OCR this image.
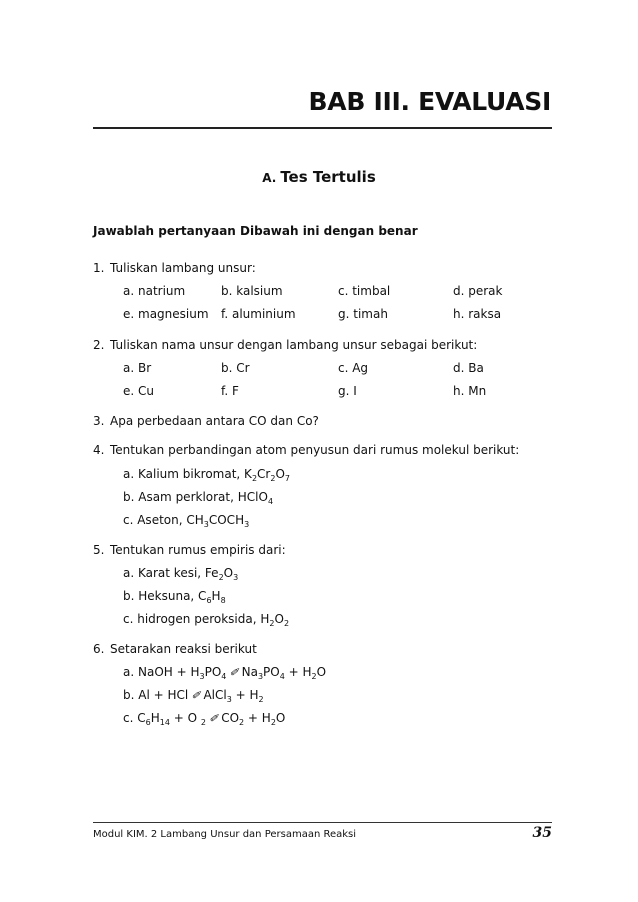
BAB III. EVALUASI
A. Tes Tertulis
Jawablah pertanyaan Dibawah ini dengan benar
1. Tuliskan lambang unsur:
a. natrium	b. kalsium	c. timbal	d. perak
e. magnesium f. aluminium	g. timah	h. raksa
2. Tuliskan nama unsur dengan lambang unsur sebagai berikut:
a. Br	b. Cr	c. Ag	d. Ba
e. Cu	f. F	g. I	h. Mn
3. Apa perbedaan antara CO dan Co?
4. Tentukan perbandingan atom penyusun dari rumus molekul berikut:
a. Kalium bikromat, $K_2Cr_2O_7$
b. Asam perklorat, HClO$_4$
c. Aseton, $CH_3COCH_3$
5. Tentukan rumus empiris dari:
a. Karat kesi, $Fe_2O_3$
b. Heksuna, $C_6H_8$
c. hidrogen peroksida, $H_2O_2$
6. Setarakan reaksi berikut
a. NaOH + $H_3PO_4$ ✐ $Na_3PO_4 + H_2O$
b. Al + HCl ✐ AlCl$_3$ + $H_2$
c. $C_6H_{14} + O$ $_2$ ✐ $CO_2 + H_2O$
Modul KIM. 2 Lambang Unsur dan Persamaan Reaksi	35
